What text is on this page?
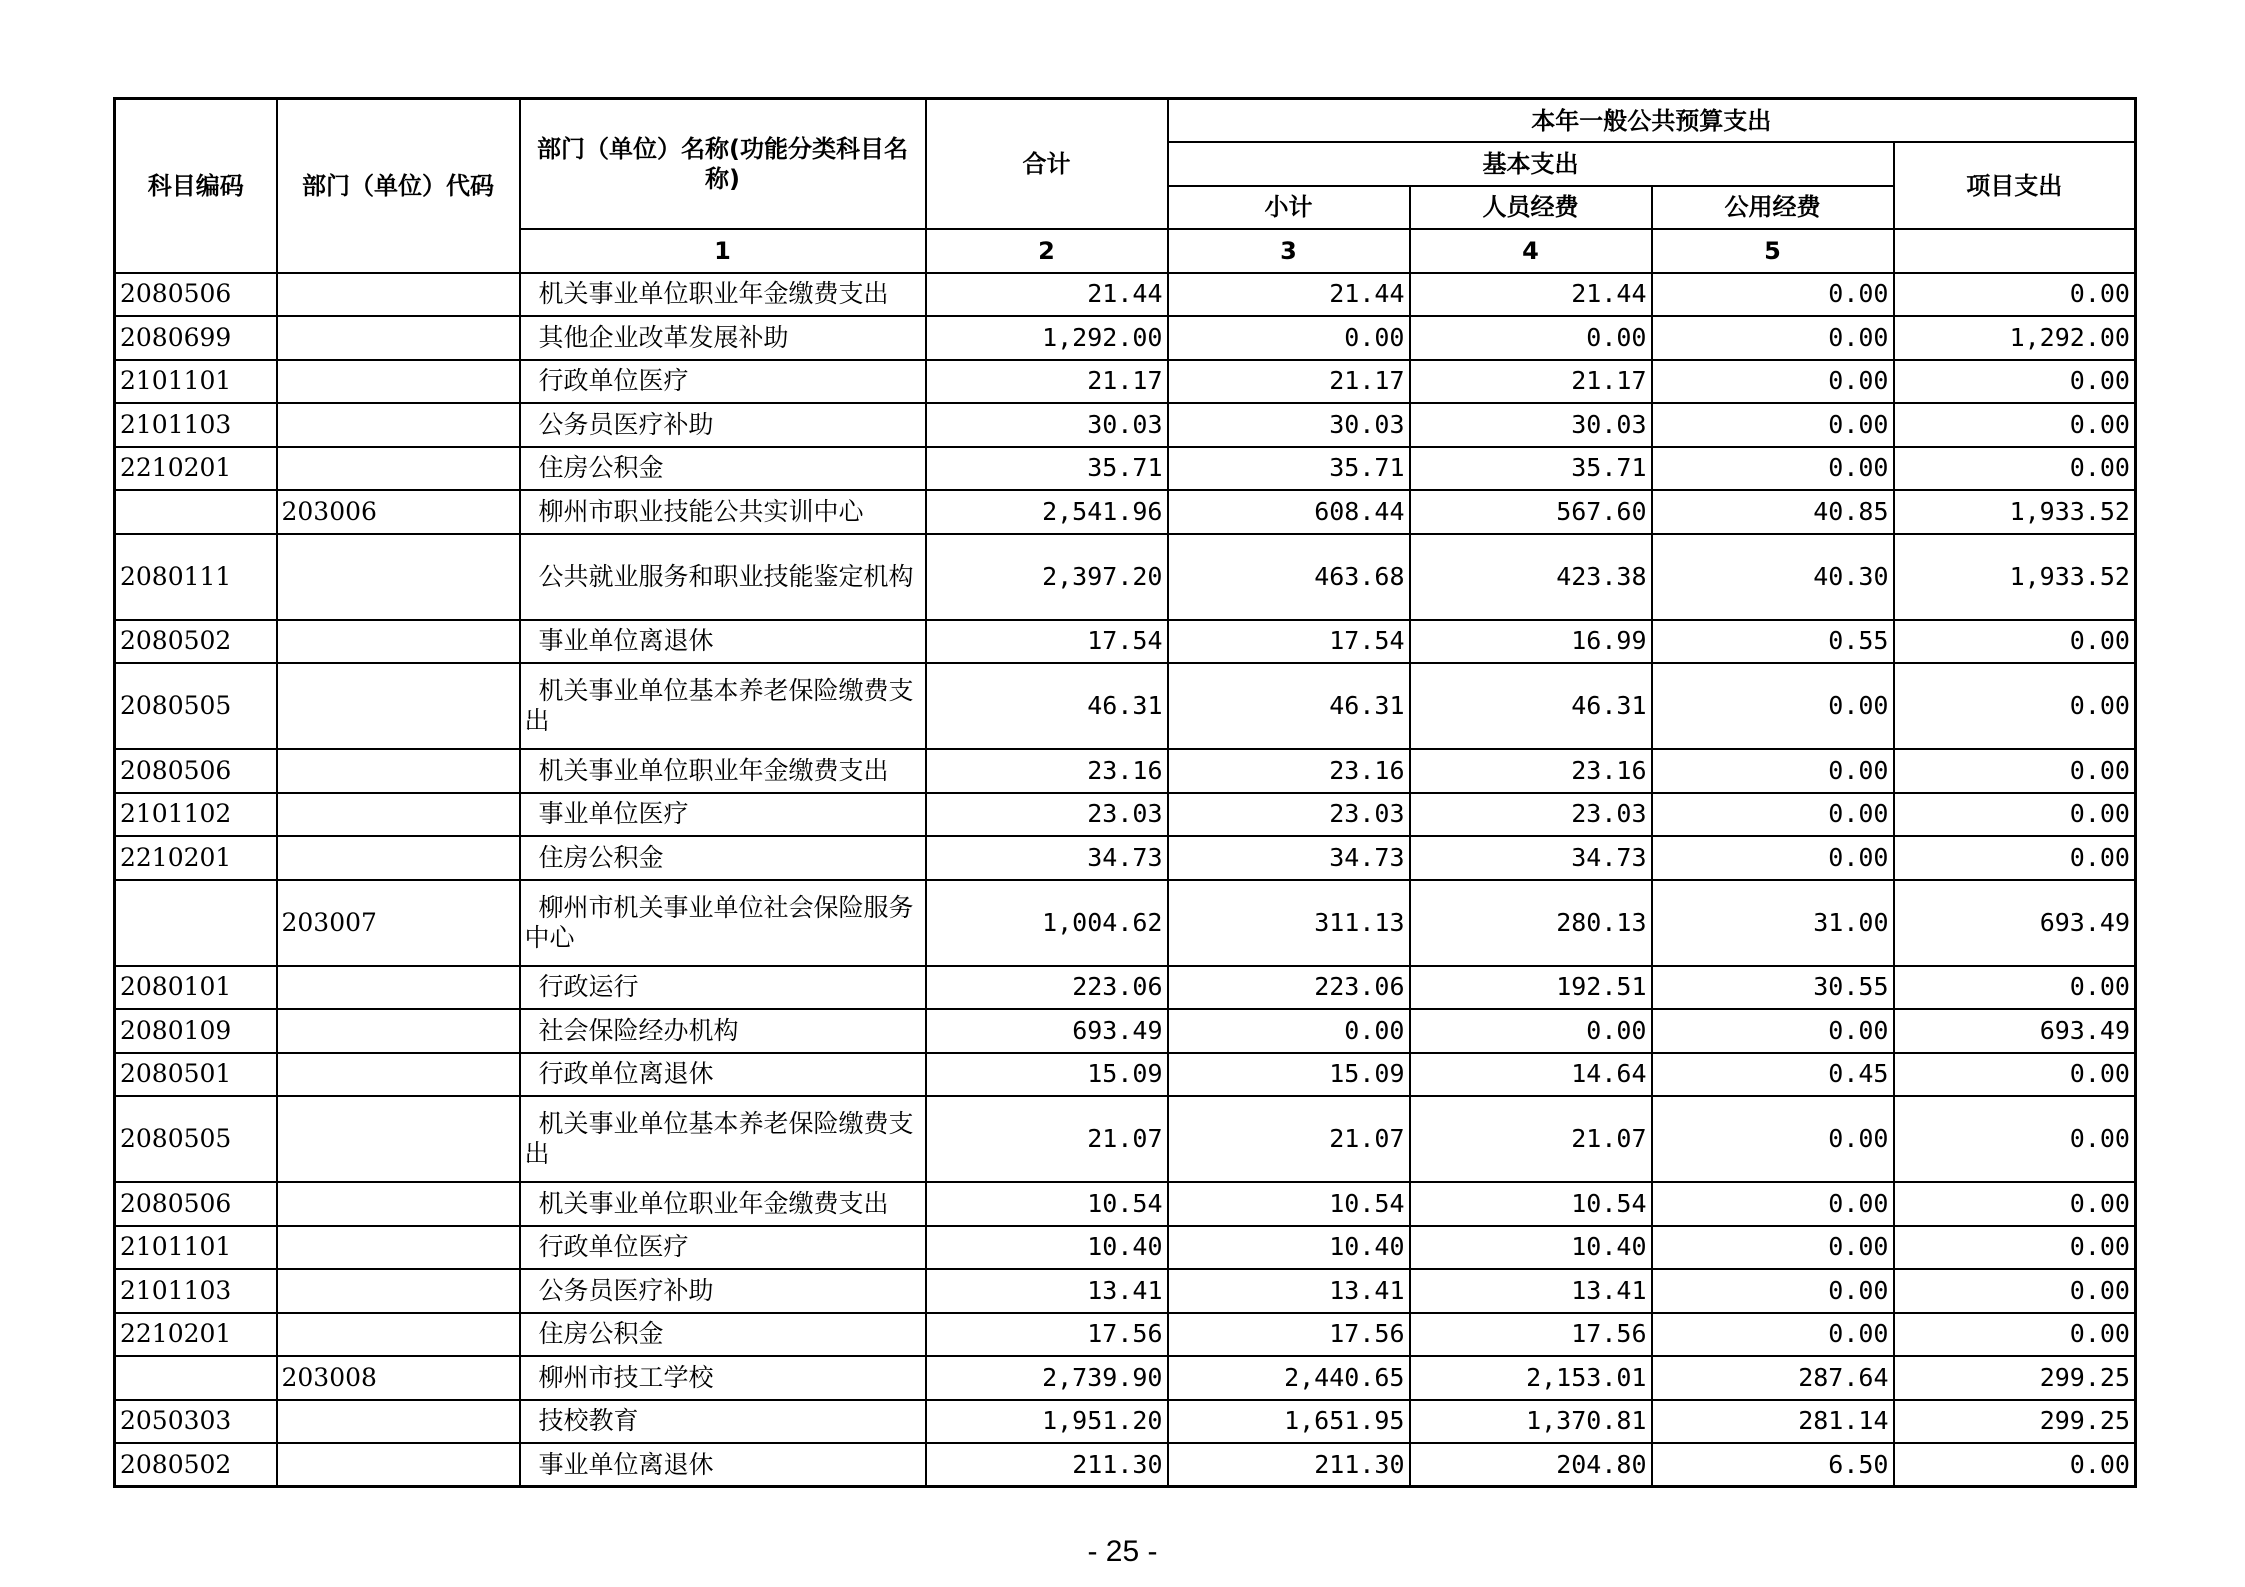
科目编码	部门（单位）代码	部门（单位）名称(功能分类科目名称)	合计	本年一般公共预算支出			
				基本支出			项目支出
				小计	人员经费	公用经费	
		1	2	3	4	5	
2080506		机关事业单位职业年金缴费支出	21.44	21.44	21.44	0.00	0.00
2080699		其他企业改革发展补助	1,292.00	0.00	0.00	0.00	1,292.00
2101101		行政单位医疗	21.17	21.17	21.17	0.00	0.00
2101103		公务员医疗补助	30.03	30.03	30.03	0.00	0.00
2210201		住房公积金	35.71	35.71	35.71	0.00	0.00
	203006	柳州市职业技能公共实训中心	2,541.96	608.44	567.60	40.85	1,933.52
2080111		公共就业服务和职业技能鉴定机构	2,397.20	463.68	423.38	40.30	1,933.52
2080502		事业单位离退休	17.54	17.54	16.99	0.55	0.00
2080505		机关事业单位基本养老保险缴费支出	46.31	46.31	46.31	0.00	0.00
2080506		机关事业单位职业年金缴费支出	23.16	23.16	23.16	0.00	0.00
2101102		事业单位医疗	23.03	23.03	23.03	0.00	0.00
2210201		住房公积金	34.73	34.73	34.73	0.00	0.00
	203007	柳州市机关事业单位社会保险服务中心	1,004.62	311.13	280.13	31.00	693.49
2080101		行政运行	223.06	223.06	192.51	30.55	0.00
2080109		社会保险经办机构	693.49	0.00	0.00	0.00	693.49
2080501		行政单位离退休	15.09	15.09	14.64	0.45	0.00
2080505		机关事业单位基本养老保险缴费支出	21.07	21.07	21.07	0.00	0.00
2080506		机关事业单位职业年金缴费支出	10.54	10.54	10.54	0.00	0.00
2101101		行政单位医疗	10.40	10.40	10.40	0.00	0.00
2101103		公务员医疗补助	13.41	13.41	13.41	0.00	0.00
2210201		住房公积金	17.56	17.56	17.56	0.00	0.00
	203008	柳州市技工学校	2,739.90	2,440.65	2,153.01	287.64	299.25
2050303		技校教育	1,951.20	1,651.95	1,370.81	281.14	299.25
2080502		事业单位离退休	211.30	211.30	204.80	6.50	0.00
- 25 -
